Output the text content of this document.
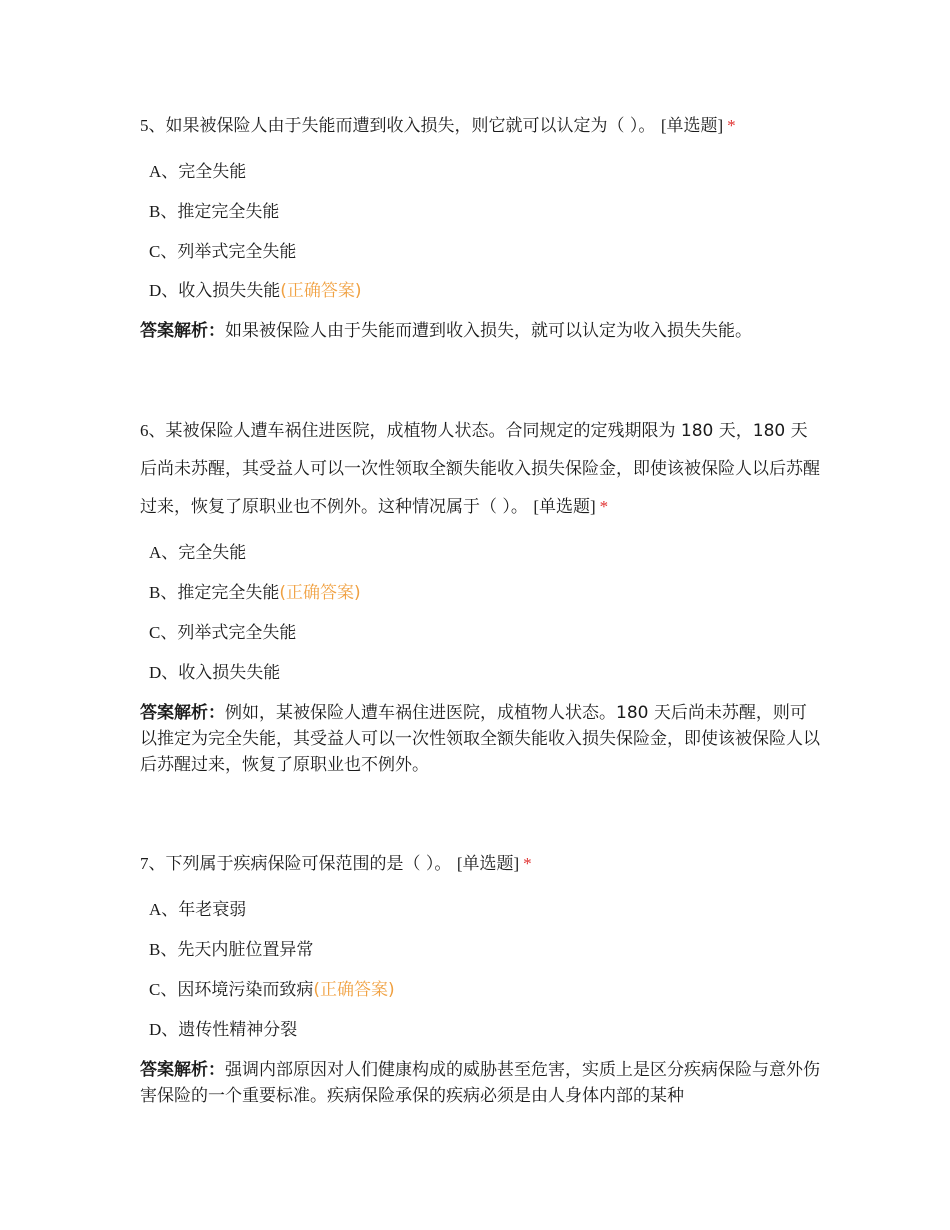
5、如果被保险人由于失能而遭到收入损失，则它就可以认定为（ ）。 [单选题] *

A、完全失能
B、推定完全失能
C、列举式完全失能
D、收入损失失能(正确答案)

答案解析：如果被保险人由于失能而遭到收入损失，就可以认定为收入损失失能。

6、某被保险人遭车祸住进医院，成植物人状态。合同规定的定残期限为 180 天，180 天后尚未苏醒，其受益人可以一次性领取全额失能收入损失保险金，即使该被保险人以后苏醒过来，恢复了原职业也不例外。这种情况属于（ ）。 [单选题] *

A、完全失能
B、推定完全失能(正确答案)
C、列举式完全失能
D、收入损失失能

答案解析：例如，某被保险人遭车祸住进医院，成植物人状态。180 天后尚未苏醒，则可以推定为完全失能，其受益人可以一次性领取全额失能收入损失保险金，即使该被保险人以后苏醒过来，恢复了原职业也不例外。

7、下列属于疾病保险可保范围的是（ ）。 [单选题] *

A、年老衰弱
B、先天内脏位置异常
C、因环境污染而致病(正确答案)
D、遗传性精神分裂

答案解析：强调内部原因对人们健康构成的威胁甚至危害，实质上是区分疾病保险与意外伤害保险的一个重要标准。疾病保险承保的疾病必须是由人身体内部的某种
